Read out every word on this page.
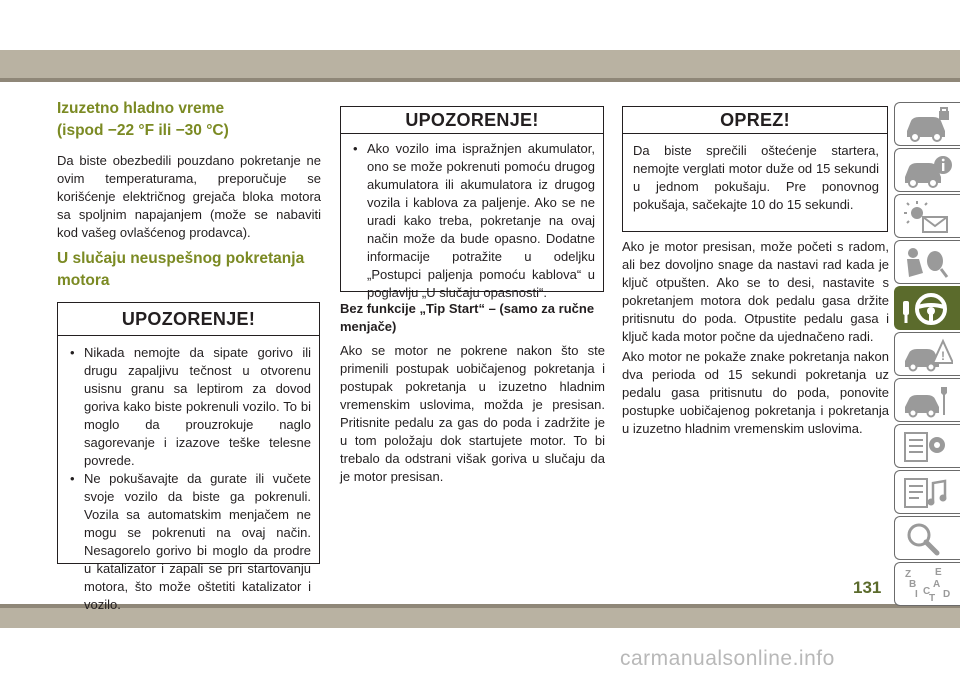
Izuzetno hladno vreme
(ispod −22 °F ili −30 °C)

Da biste obezbedili pouzdano pokretanje ne ovim temperaturama, preporučuje se korišćenje električnog grejača bloka motora sa spoljnim napajanjem (može se nabaviti kod vašeg ovlašćenog prodavca).

U slučaju neuspešnog pokretanja
motora
UPOZORENJE!
• Nikada nemojte da sipate gorivo ili drugu zapaljivu tečnost u otvorenu usisnu granu sa leptirom za dovod goriva kako biste pokrenuli vozilo. To bi moglo da prouzrokuje naglo sagorevanje i izazove teške telesne povrede.
• Ne pokušavajte da gurate ili vučete svoje vozilo da biste ga pokrenuli. Vozila sa automatskim menjačem ne mogu se pokrenuti na ovaj način. Nesagorelo gorivo bi moglo da prodre u katalizator i zapali se pri startovanju motora, što može oštetiti katalizator i vozilo.
UPOZORENJE!
• Ako vozilo ima ispražnjen akumulator, ono se može pokrenuti pomoću drugog akumulatora ili akumulatora iz drugog vozila i kablova za paljenje. Ako se ne uradi kako treba, pokretanje na ovaj način može da bude opasno. Dodatne informacije potražite u odeljku „Postupci paljenja pomoću kablova“ u poglavlju „U slučaju opasnosti“.

Bez funkcije „Tip Start“ – (samo za ručne menjače)

Ako se motor ne pokrene nakon što ste primenili postupak uobičajenog pokretanja i postupak pokretanja u izuzetno hladnim vremenskim uslovima, možda je presisan. Pritisnite pedalu za gas do poda i zadržite je u tom položaju dok startujete motor. To bi trebalo da odstrani višak goriva u slučaju da je motor presisan.

OPREZ!

Da biste sprečili oštećenje startera, nemojte verglati motor duže od 15 sekundi u jednom pokušaju. Pre ponovnog pokušaja, sačekajte 10 do 15 sekundi.

Ako je motor presisan, može početi s radom, ali bez dovoljno snage da nastavi rad kada je ključ otpušten. Ako se to desi, nastavite s pokretanjem motora dok pedalu gasa držite pritisnutu do poda. Otpustite pedalu gasa i ključ kada motor počne da ujednačeno radi.

Ako motor ne pokaže znake pokretanja nakon dva perioda od 15 sekundi pokretanja uz pedalu gasa pritisnutu do poda, ponovite postupke uobičajenog pokretanja i pokretanja u izuzetno hladnim vremenskim uslovima.

!
Z E
B A
I C
T D
131
carmanualsonline.info
